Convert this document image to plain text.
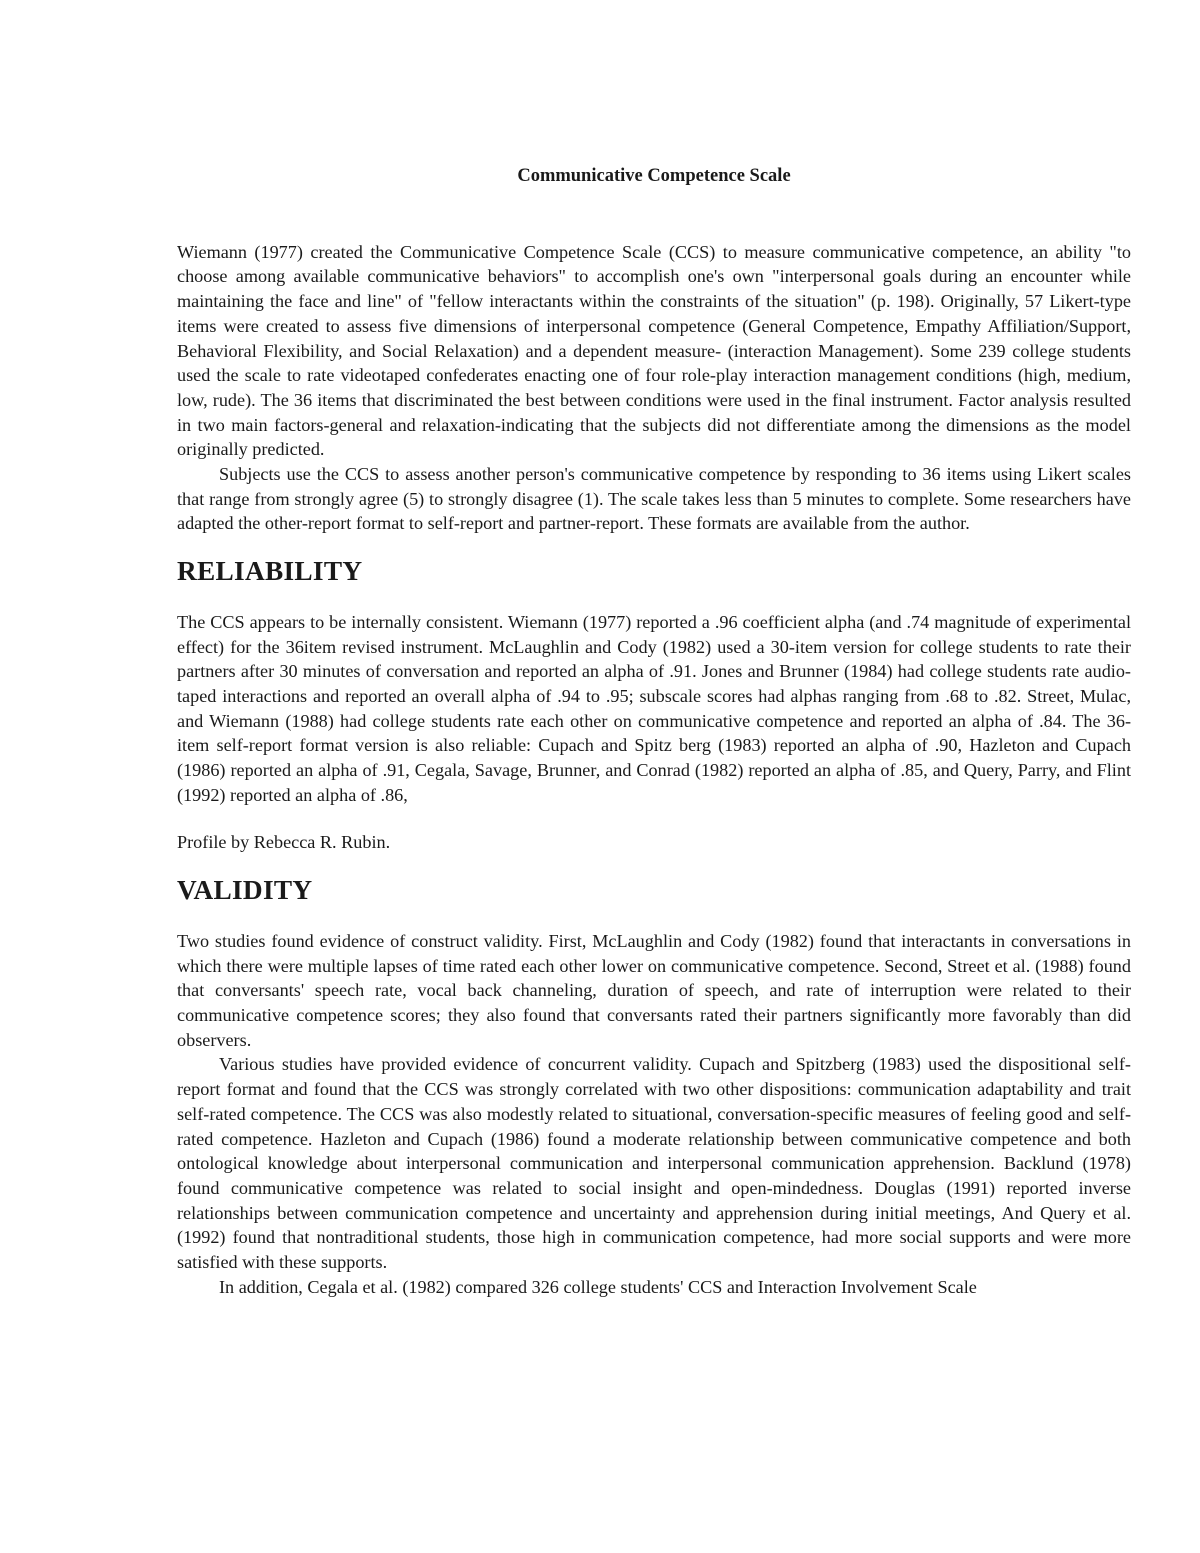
Communicative Competence Scale

Wiemann (1977) created the Communicative Competence Scale (CCS) to measure communicative competence, an ability "to choose among available communicative behaviors" to accomplish one's own "interpersonal goals during an encounter while maintaining the face and line" of "fellow interactants within the constraints of the situation" (p. 198). Originally, 57 Likert-type items were created to assess five dimensions of interpersonal competence (General Competence, Empathy Affiliation/Support, Behavioral Flexibility, and Social Relaxation) and a dependent measure- (interaction Management). Some 239 college students used the scale to rate videotaped confederates enacting one of four role-play interaction management conditions (high, medium, low, rude). The 36 items that discriminated the best between conditions were used in the final instrument. Factor analysis resulted in two main factors-general and relaxation-indicating that the subjects did not differentiate among the dimensions as the model originally predicted.

Subjects use the CCS to assess another person's communicative competence by responding to 36 items using Likert scales that range from strongly agree (5) to strongly disagree (1). The scale takes less than 5 minutes to complete. Some researchers have adapted the other-report format to self-report and partner-report. These formats are available from the author.

RELIABILITY

The CCS appears to be internally consistent. Wiemann (1977) reported a .96 coefficient alpha (and .74 magnitude of experimental effect) for the 36item revised instrument. McLaughlin and Cody (1982) used a 30-item version for college students to rate their partners after 30 minutes of conversation and reported an alpha of .91. Jones and Brunner (1984) had college students rate audio-taped interactions and reported an overall alpha of .94 to .95; subscale scores had alphas ranging from .68 to .82. Street, Mulac, and Wiemann (1988) had college students rate each other on communicative competence and reported an alpha of .84. The 36-item self-report format version is also reliable: Cupach and Spitz berg (1983) reported an alpha of .90, Hazleton and Cupach (1986) reported an alpha of .91, Cegala, Savage, Brunner, and Conrad (1982) reported an alpha of .85, and Query, Parry, and Flint (1992) reported an alpha of .86,

Profile by Rebecca R. Rubin.

VALIDITY

Two studies found evidence of construct validity. First, McLaughlin and Cody (1982) found that interactants in conversations in which there were multiple lapses of time rated each other lower on communicative competence. Second, Street et al. (1988) found that conversants' speech rate, vocal back channeling, duration of speech, and rate of interruption were related to their communicative competence scores; they also found that conversants rated their partners significantly more favorably than did observers.

Various studies have provided evidence of concurrent validity. Cupach and Spitzberg (1983) used the dispositional self-report format and found that the CCS was strongly correlated with two other dispositions: communication adaptability and trait self-rated competence. The CCS was also modestly related to situational, conversation-specific measures of feeling good and self-rated competence. Hazleton and Cupach (1986) found a moderate relationship between communicative competence and both ontological knowledge about interpersonal communication and interpersonal communication apprehension. Backlund (1978) found communicative competence was related to social insight and open-mindedness. Douglas (1991) reported inverse relationships between communication competence and uncertainty and apprehension during initial meetings, And Query et al. (1992) found that nontraditional students, those high in communication competence, had more social supports and were more satisfied with these supports.

In addition, Cegala et al. (1982) compared 326 college students' CCS and Interaction Involvement Scale
